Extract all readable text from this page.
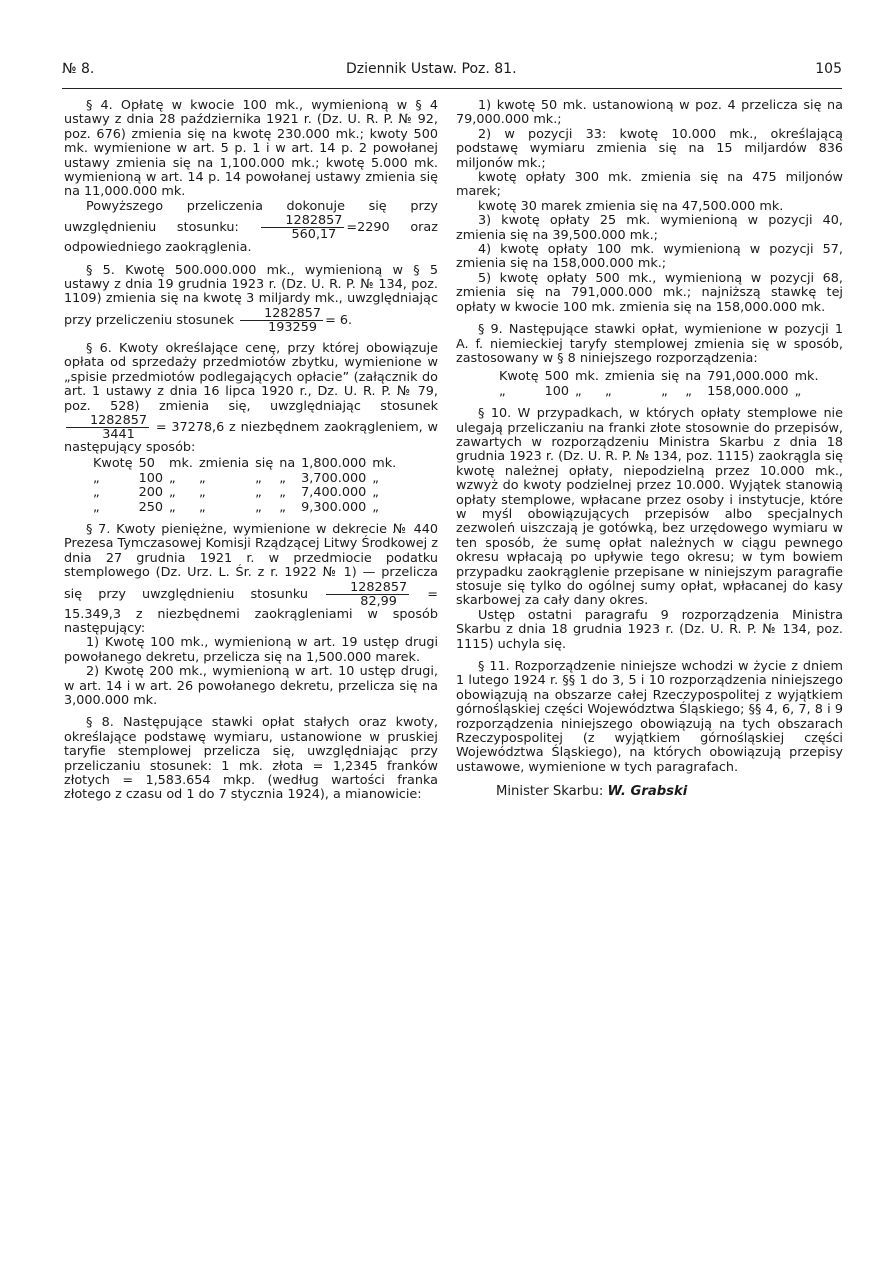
№ 8.	Dziennik Ustaw. Poz. 81.	105

§ 4. Opłatę w kwocie 100 mk., wymienioną w § 4 ustawy z dnia 28 października 1921 r. (Dz. U. R. P. № 92, poz. 676) zmienia się na kwotę 230.000 mk.; kwoty 500 mk. wymienione w art. 5 p. 1 i w art. 14 p. 2 powołanej ustawy zmienia się na 1,100.000 mk.; kwotę 5.000 mk. wymienioną w art. 14 p. 14 powołanej ustawy zmienia się na 11,000.000 mk.

Powyższego przeliczenia dokonuje się przy uwzględnieniu stosunku: $\frac{1282857}{560,17} =2290$ oraz odpowiedniego zaokrąglenia.

§ 5. Kwotę 500.000.000 mk., wymienioną w § 5 ustawy z dnia 19 grudnia 1923 r. (Dz. U. R. P. № 134, poz. 1109) zmienia się na kwotę 3 miljardy mk., uwzględniając przy przeliczeniu stosunek $\frac{1282857}{193259} = 6$.

§ 6. Kwoty określające cenę, przy której obowiązuje opłata od sprzedaży przedmiotów zbytku, wymienione w „spisie przedmiotów podlegających opłacie” (załącznik do art. 1 ustawy z dnia 16 lipca 1920 r., Dz. U. R. P. № 79, poz. 528) zmienia się, uwzględniając stosunek
$\frac{1282857}{3441} = 37278,6$ z niezbędnem zaokrągleniem, w następujący sposób:

Kwotę	50	mk.	zmienia	się	na	1,800.000	mk.
„	100	„	„	„	„	3,700.000	„
„	200	„	„	„	„	7,400.000	„
„	250	„	„	„	„	9,300.000	„

§ 7. Kwoty pieniężne, wymienione w dekrecie № 440 Prezesa Tymczasowej Komisji Rządzącej Litwy Środkowej z dnia 27 grudnia 1921 r. w przedmiocie podatku stemplowego (Dz. Urz. L. Śr. z r. 1922 № 1) — przelicza się przy uwzględnieniu stosunku $\frac{1282857}{82,99} = 15.349,3$ z niezbędnemi zaokrągleniami w sposób następujący:

1) Kwotę 100 mk., wymienioną w art. 19 ustęp drugi powołanego dekretu, przelicza się na 1,500.000 marek.

2) Kwotę 200 mk., wymienioną w art. 10 ustęp drugi, w art. 14 i w art. 26 powołanego dekretu, przelicza się na 3,000.000 mk.

§ 8. Następujące stawki opłat stałych oraz kwoty, określające podstawę wymiaru, ustanowione w pruskiej taryfie stemplowej przelicza się, uwzględniając przy przeliczaniu stosunek: 1 mk. złota = 1,2345 franków złotych = 1,583.654 mkp. (według wartości franka złotego z czasu od 1 do 7 stycznia 1924), a mianowicie:

1) kwotę 50 mk. ustanowioną w poz. 4 przelicza się na 79,000.000 mk.;

2) w pozycji 33: kwotę 10.000 mk., określającą podstawę wymiaru zmienia się na 15 miljardów 836 miljonów mk.;

kwotę opłaty 300 mk. zmienia się na 475 miljonów marek;

kwotę 30 marek zmienia się na 47,500.000 mk.

3) kwotę opłaty 25 mk. wymienioną w pozycji 40, zmienia się na 39,500.000 mk.;

4) kwotę opłaty 100 mk. wymienioną w pozycji 57, zmienia się na 158,000.000 mk.;

5) kwotę opłaty 500 mk., wymienioną w pozycji 68, zmienia się na 791,000.000 mk.; najniższą stawkę tej opłaty w kwocie 100 mk. zmienia się na 158,000.000 mk.

§ 9. Następujące stawki opłat, wymienione w pozycji 1 A. f. niemieckiej taryfy stemplowej zmienia się w sposób, zastosowany w § 8 niniejszego rozporządzenia:

Kwotę	500	mk.	zmienia	się	na	791,000.000	mk.
„	100	„	„	„	„	158,000.000	„

§ 10. W przypadkach, w których opłaty stemplowe nie ulegają przeliczaniu na franki złote stosownie do przepisów, zawartych w rozporządzeniu Ministra Skarbu z dnia 18 grudnia 1923 r. (Dz. U. R. P. № 134, poz. 1115) zaokrągla się kwotę należnej opłaty, niepodzielną przez 10.000 mk., wzwyż do kwoty podzielnej przez 10.000. Wyjątek stanowią opłaty stemplowe, wpłacane przez osoby i instytucje, które w myśl obowiązujących przepisów albo specjalnych zezwoleń uiszczają je gotówką, bez urzędowego wymiaru w ten sposób, że sumę opłat należnych w ciągu pewnego okresu wpłacają po upływie tego okresu; w tym bowiem przypadku zaokrąglenie przepisane w niniejszym paragrafie stosuje się tylko do ogólnej sumy opłat, wpłacanej do kasy skarbowej za cały dany okres.

Ustęp ostatni paragrafu 9 rozporządzenia Ministra Skarbu z dnia 18 grudnia 1923 r. (Dz. U. R. P. № 134, poz. 1115) uchyla się.

§ 11. Rozporządzenie niniejsze wchodzi w życie z dniem 1 lutego 1924 r. §§ 1 do 3, 5 i 10 rozporządzenia niniejszego obowiązują na obszarze całej Rzeczypospolitej z wyjątkiem górnośląskiej części Województwa Śląskiego; §§ 4, 6, 7, 8 i 9 rozporządzenia niniejszego obowiązują na tych obszarach Rzeczypospolitej (z wyjątkiem górnośląskiej części Województwa Śląskiego), na których obowiązują przepisy ustawowe, wymienione w tych paragrafach.

Minister Skarbu: W. Grabski
